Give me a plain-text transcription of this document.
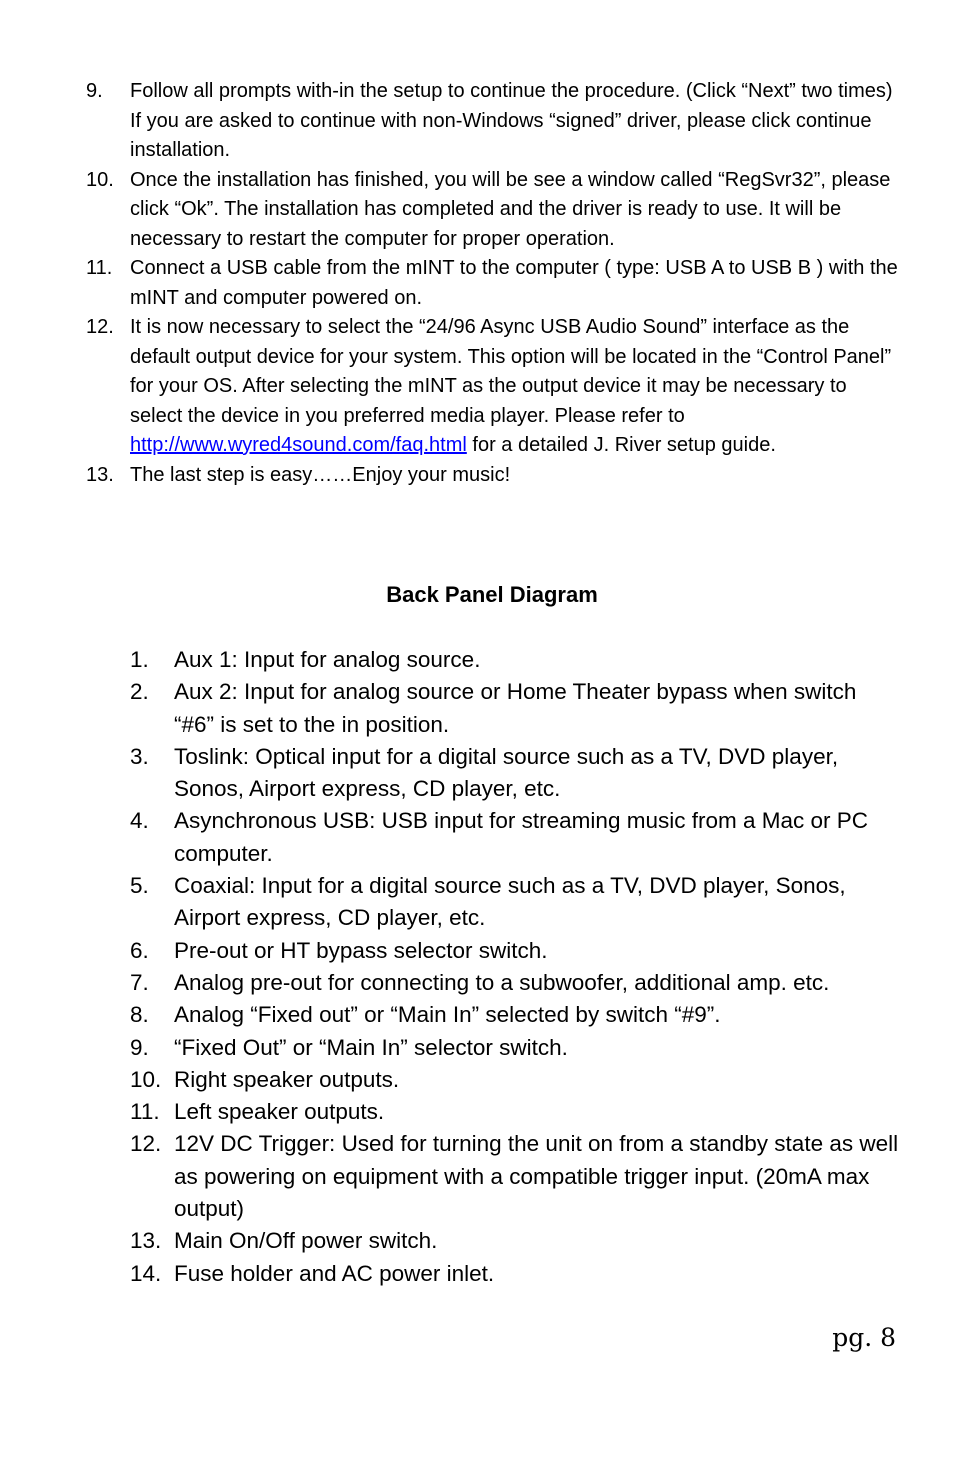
9.	Follow all prompts with-in the setup to continue the procedure. (Click “Next” two times) If you are asked to continue with non-Windows “signed” driver, please click continue installation.
10. Once the installation has finished, you will be see a window called “RegSvr32”, please click “Ok”. The installation has completed and the driver is ready to use. It will be necessary to restart the computer for proper operation.
11. Connect a USB cable from the mINT to the computer ( type: USB A to USB B ) with the mINT and computer powered on.
12. It is now necessary to select the “24/96 Async USB Audio Sound” interface as the default output device for your system. This option will be located in the “Control Panel” for your OS. After selecting the mINT as the output device it may be necessary to select the device in you preferred media player. Please refer to http://www.wyred4sound.com/faq.html for a detailed J. River setup guide.
13. The last step is easy……Enjoy your music!
Back Panel Diagram
1.	Aux 1: Input for analog source.
2.	Aux 2: Input for analog source or Home Theater bypass when switch “#6” is set to the in position.
3.	Toslink: Optical input for a digital source such as a TV, DVD player, Sonos, Airport express, CD player, etc.
4.	Asynchronous USB: USB input for streaming music from a Mac or PC computer.
5.	Coaxial: Input for a digital source such as a TV, DVD player, Sonos, Airport express, CD player, etc.
6.	Pre-out or HT bypass selector switch.
7.	Analog pre-out for connecting to a subwoofer, additional amp. etc.
8.	Analog “Fixed out” or “Main In” selected by switch “#9”.
9.	“Fixed Out” or “Main In” selector switch.
10. Right speaker outputs.
11. Left speaker outputs.
12. 12V DC Trigger: Used for turning the unit on from a standby state as well as powering on equipment with a compatible trigger input. (20mA max output)
13. Main On/Off power switch.
14. Fuse holder and AC power inlet.
pg. 8
